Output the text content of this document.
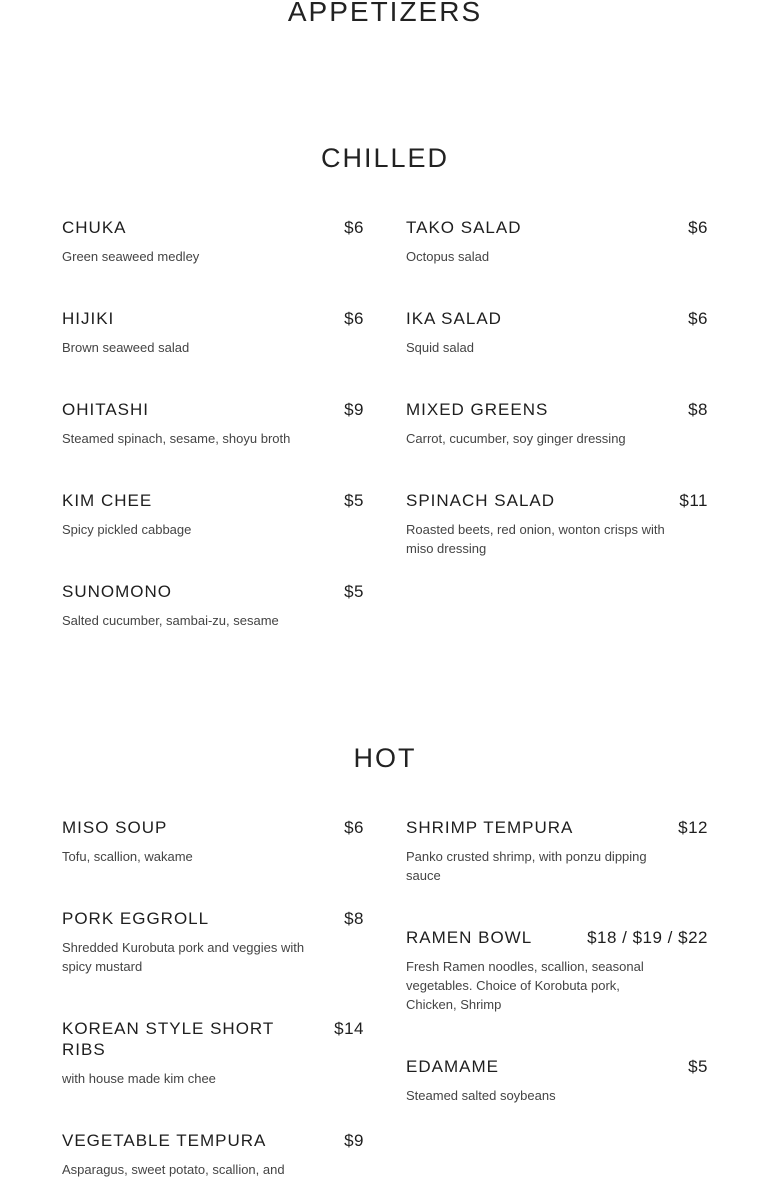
APPETIZERS
CHILLED
CHUKA	$6
Green seaweed medley
HIJIKI	$6
Brown seaweed salad
OHITASHI	$9
Steamed spinach, sesame, shoyu broth
KIM CHEE	$5
Spicy pickled cabbage
SUNOMONO	$5
Salted cucumber, sambai-zu, sesame
TAKO SALAD	$6
Octopus salad
IKA SALAD	$6
Squid salad
MIXED GREENS	$8
Carrot, cucumber, soy ginger dressing
SPINACH SALAD	$11
Roasted beets, red onion, wonton crisps with miso dressing
HOT
MISO SOUP	$6
Tofu, scallion, wakame
PORK EGGROLL	$8
Shredded Kurobuta pork and veggies with spicy mustard
KOREAN STYLE SHORT RIBS
$14
with house made kim chee
VEGETABLE TEMPURA	$9
Asparagus, sweet potato, scallion, and
SHRIMP TEMPURA	$12
Panko crusted shrimp, with ponzu dipping sauce
RAMEN BOWL	$18 / $19 / $22
Fresh Ramen noodles, scallion, seasonal vegetables. Choice of Korobuta pork, Chicken, Shrimp
EDAMAME	$5
Steamed salted soybeans
